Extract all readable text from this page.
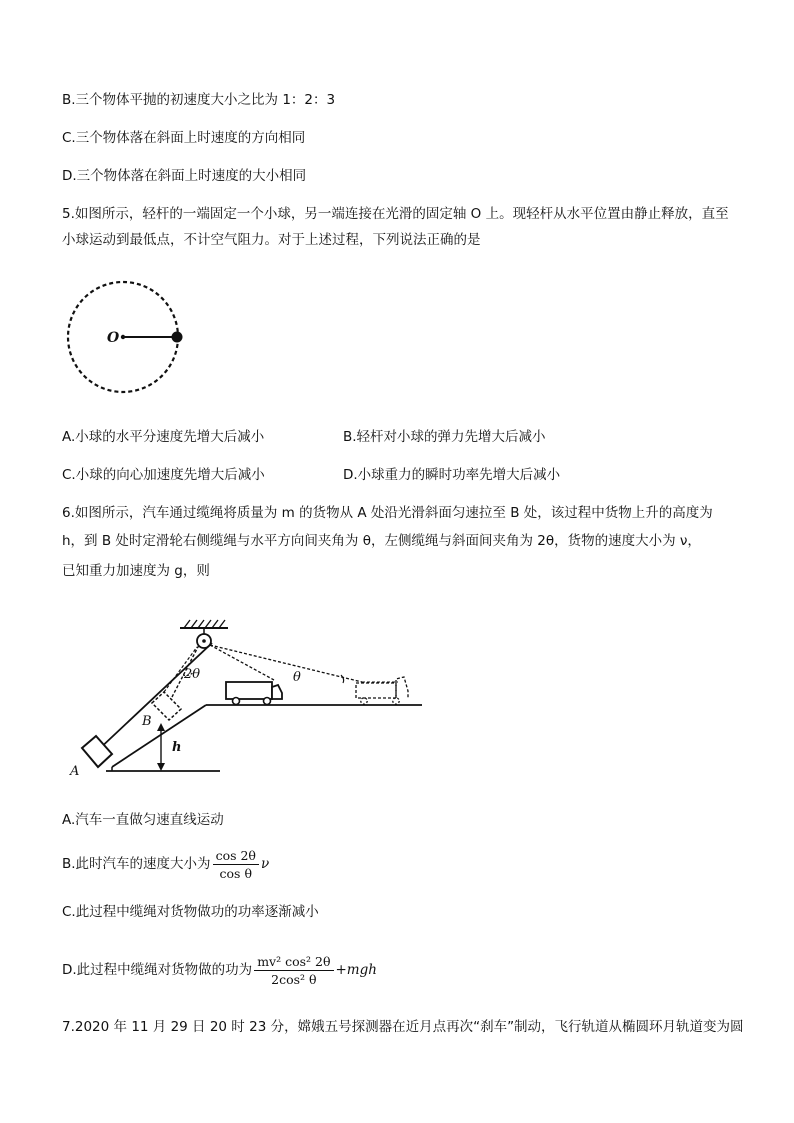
B.三个物体平抛的初速度大小之比为 1：2：3
C.三个物体落在斜面上时速度的方向相同
D.三个物体落在斜面上时速度的大小相同
5.如图所示，轻杆的一端固定一个小球，另一端连接在光滑的固定轴 O 上。现轻杆从水平位置由静止释放，直至小球运动到最低点，不计空气阻力。对于上述过程，下列说法正确的是
O
A.小球的水平分速度先增大后减小	B.轻杆对小球的弹力先增大后减小
C.小球的向心加速度先增大后减小	D.小球重力的瞬时功率先增大后减小
6.如图所示，汽车通过缆绳将质量为 m 的货物从 A 处沿光滑斜面匀速拉至 B 处，该过程中货物上升的高度为
h，到 B 处时定滑轮右侧缆绳与水平方向间夹角为 θ，左侧缆绳与斜面间夹角为 2θ，货物的速度大小为 ν，
已知重力加速度为 g，则
A
B
2θ
h
θ
A.汽车一直做匀速直线运动
B.此时汽车的速度大小为 $\frac{\cos 2\theta}{\text{cos θ}}$ ν
C.此过程中缆绳对货物做功的功率逐渐减小
D.此过程中缆绳对货物做的功为 $\frac{\text{mv² cos² 2θ}}{\text{2cos² θ}} +mgh$
7.2020 年 11 月 29 日 20 时 23 分，嫦娥五号探测器在近月点再次“刹车”制动，飞行轨道从椭圆环月轨道变为圆
